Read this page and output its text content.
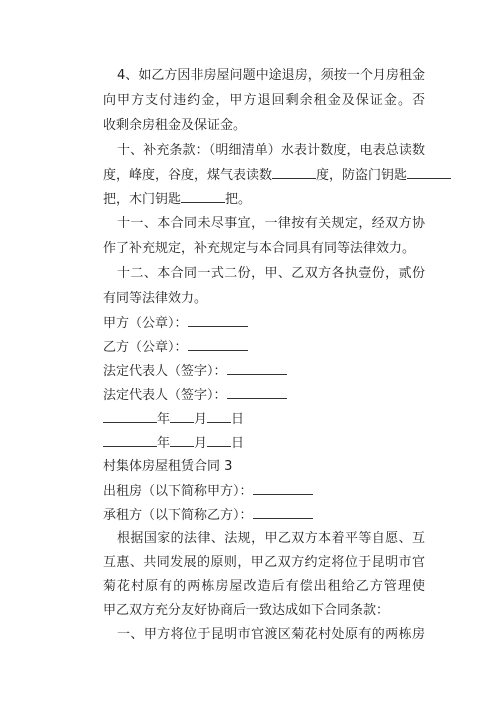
4、如乙方因非房屋问题中途退房，须按一个月房租金
向甲方支付违约金，甲方退回剩余租金及保证金。否
收剩余房租金及保证金。
十、补充条款：（明细清单）水表计数度，电表总读数
度，峰度，谷度，煤气表读数	度，防盗门钥匙
把，木门钥匙	把。
十一、本合同未尽事宜，一律按有关规定，经双方协
作了补充规定，补充规定与本合同具有同等法律效力。
十二、本合同一式二份，甲、乙双方各执壹份，贰份
有同等法律效力。
甲方（公章）：
乙方（公章）：
法定代表人（签字）：
法定代表人（签字）：
年 月 日
年 月 日
村集体房屋租赁合同 3
出租房（以下简称甲方）：
承租方（以下简称乙方）：
根据国家的法律、法规，甲乙双方本着平等自愿、互
互惠、共同发展的原则，甲乙双方约定将位于昆明市官
菊花村原有的两栋房屋改造后有偿出租给乙方管理使
甲乙双方充分友好协商后一致达成如下合同条款：
一、甲方将位于昆明市官渡区菊花村处原有的两栋房
